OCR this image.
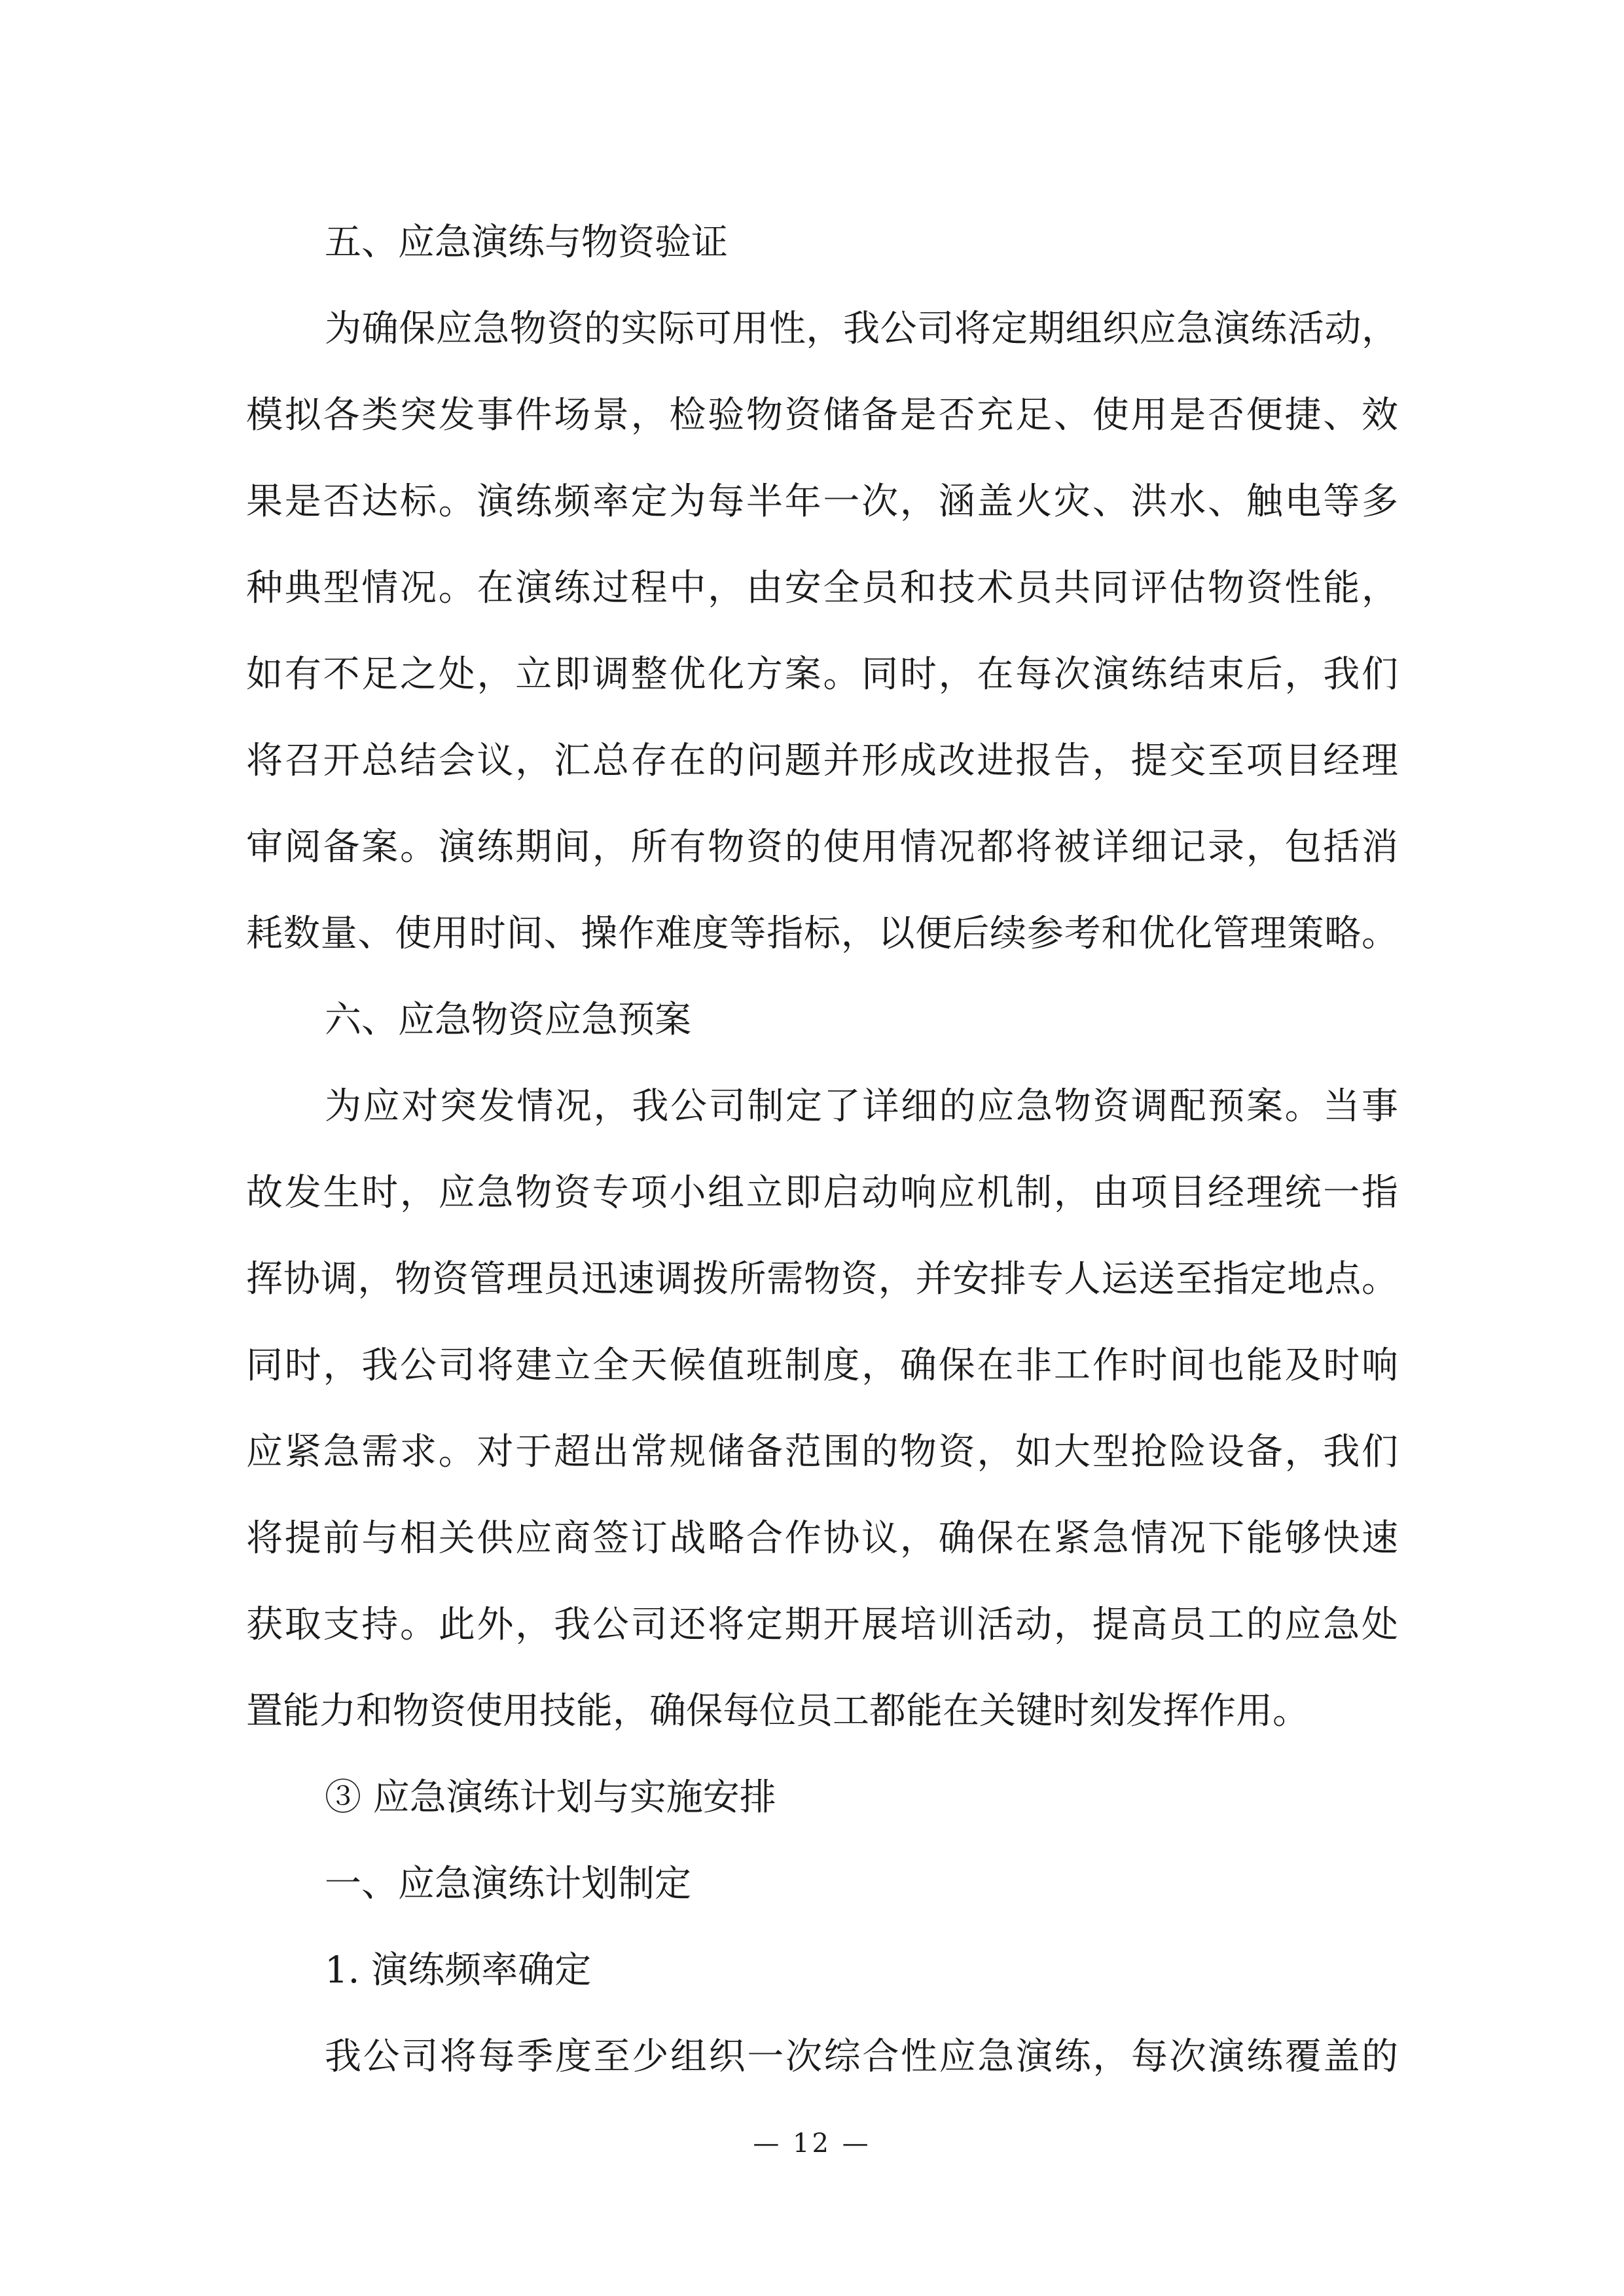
五、应急演练与物资验证

为确保应急物资的实际可用性，我公司将定期组织应急演练活动，

模拟各类突发事件场景，检验物资储备是否充足、使用是否便捷、效

果是否达标。演练频率定为每半年一次，涵盖火灾、洪水、触电等多

种典型情况。在演练过程中，由安全员和技术员共同评估物资性能，

如有不足之处，立即调整优化方案。同时，在每次演练结束后，我们

将召开总结会议，汇总存在的问题并形成改进报告，提交至项目经理

审阅备案。演练期间，所有物资的使用情况都将被详细记录，包括消

耗数量、使用时间、操作难度等指标，以便后续参考和优化管理策略。

六、应急物资应急预案

为应对突发情况，我公司制定了详细的应急物资调配预案。当事

故发生时，应急物资专项小组立即启动响应机制，由项目经理统一指

挥协调，物资管理员迅速调拨所需物资，并安排专人运送至指定地点。

同时，我公司将建立全天候值班制度，确保在非工作时间也能及时响

应紧急需求。对于超出常规储备范围的物资，如大型抢险设备，我们

将提前与相关供应商签订战略合作协议，确保在紧急情况下能够快速

获取支持。此外，我公司还将定期开展培训活动，提高员工的应急处

置能力和物资使用技能，确保每位员工都能在关键时刻发挥作用。

③ 应急演练计划与实施安排

一、应急演练计划制定

1. 演练频率确定

我公司将每季度至少组织一次综合性应急演练，每次演练覆盖的

— 12 —
